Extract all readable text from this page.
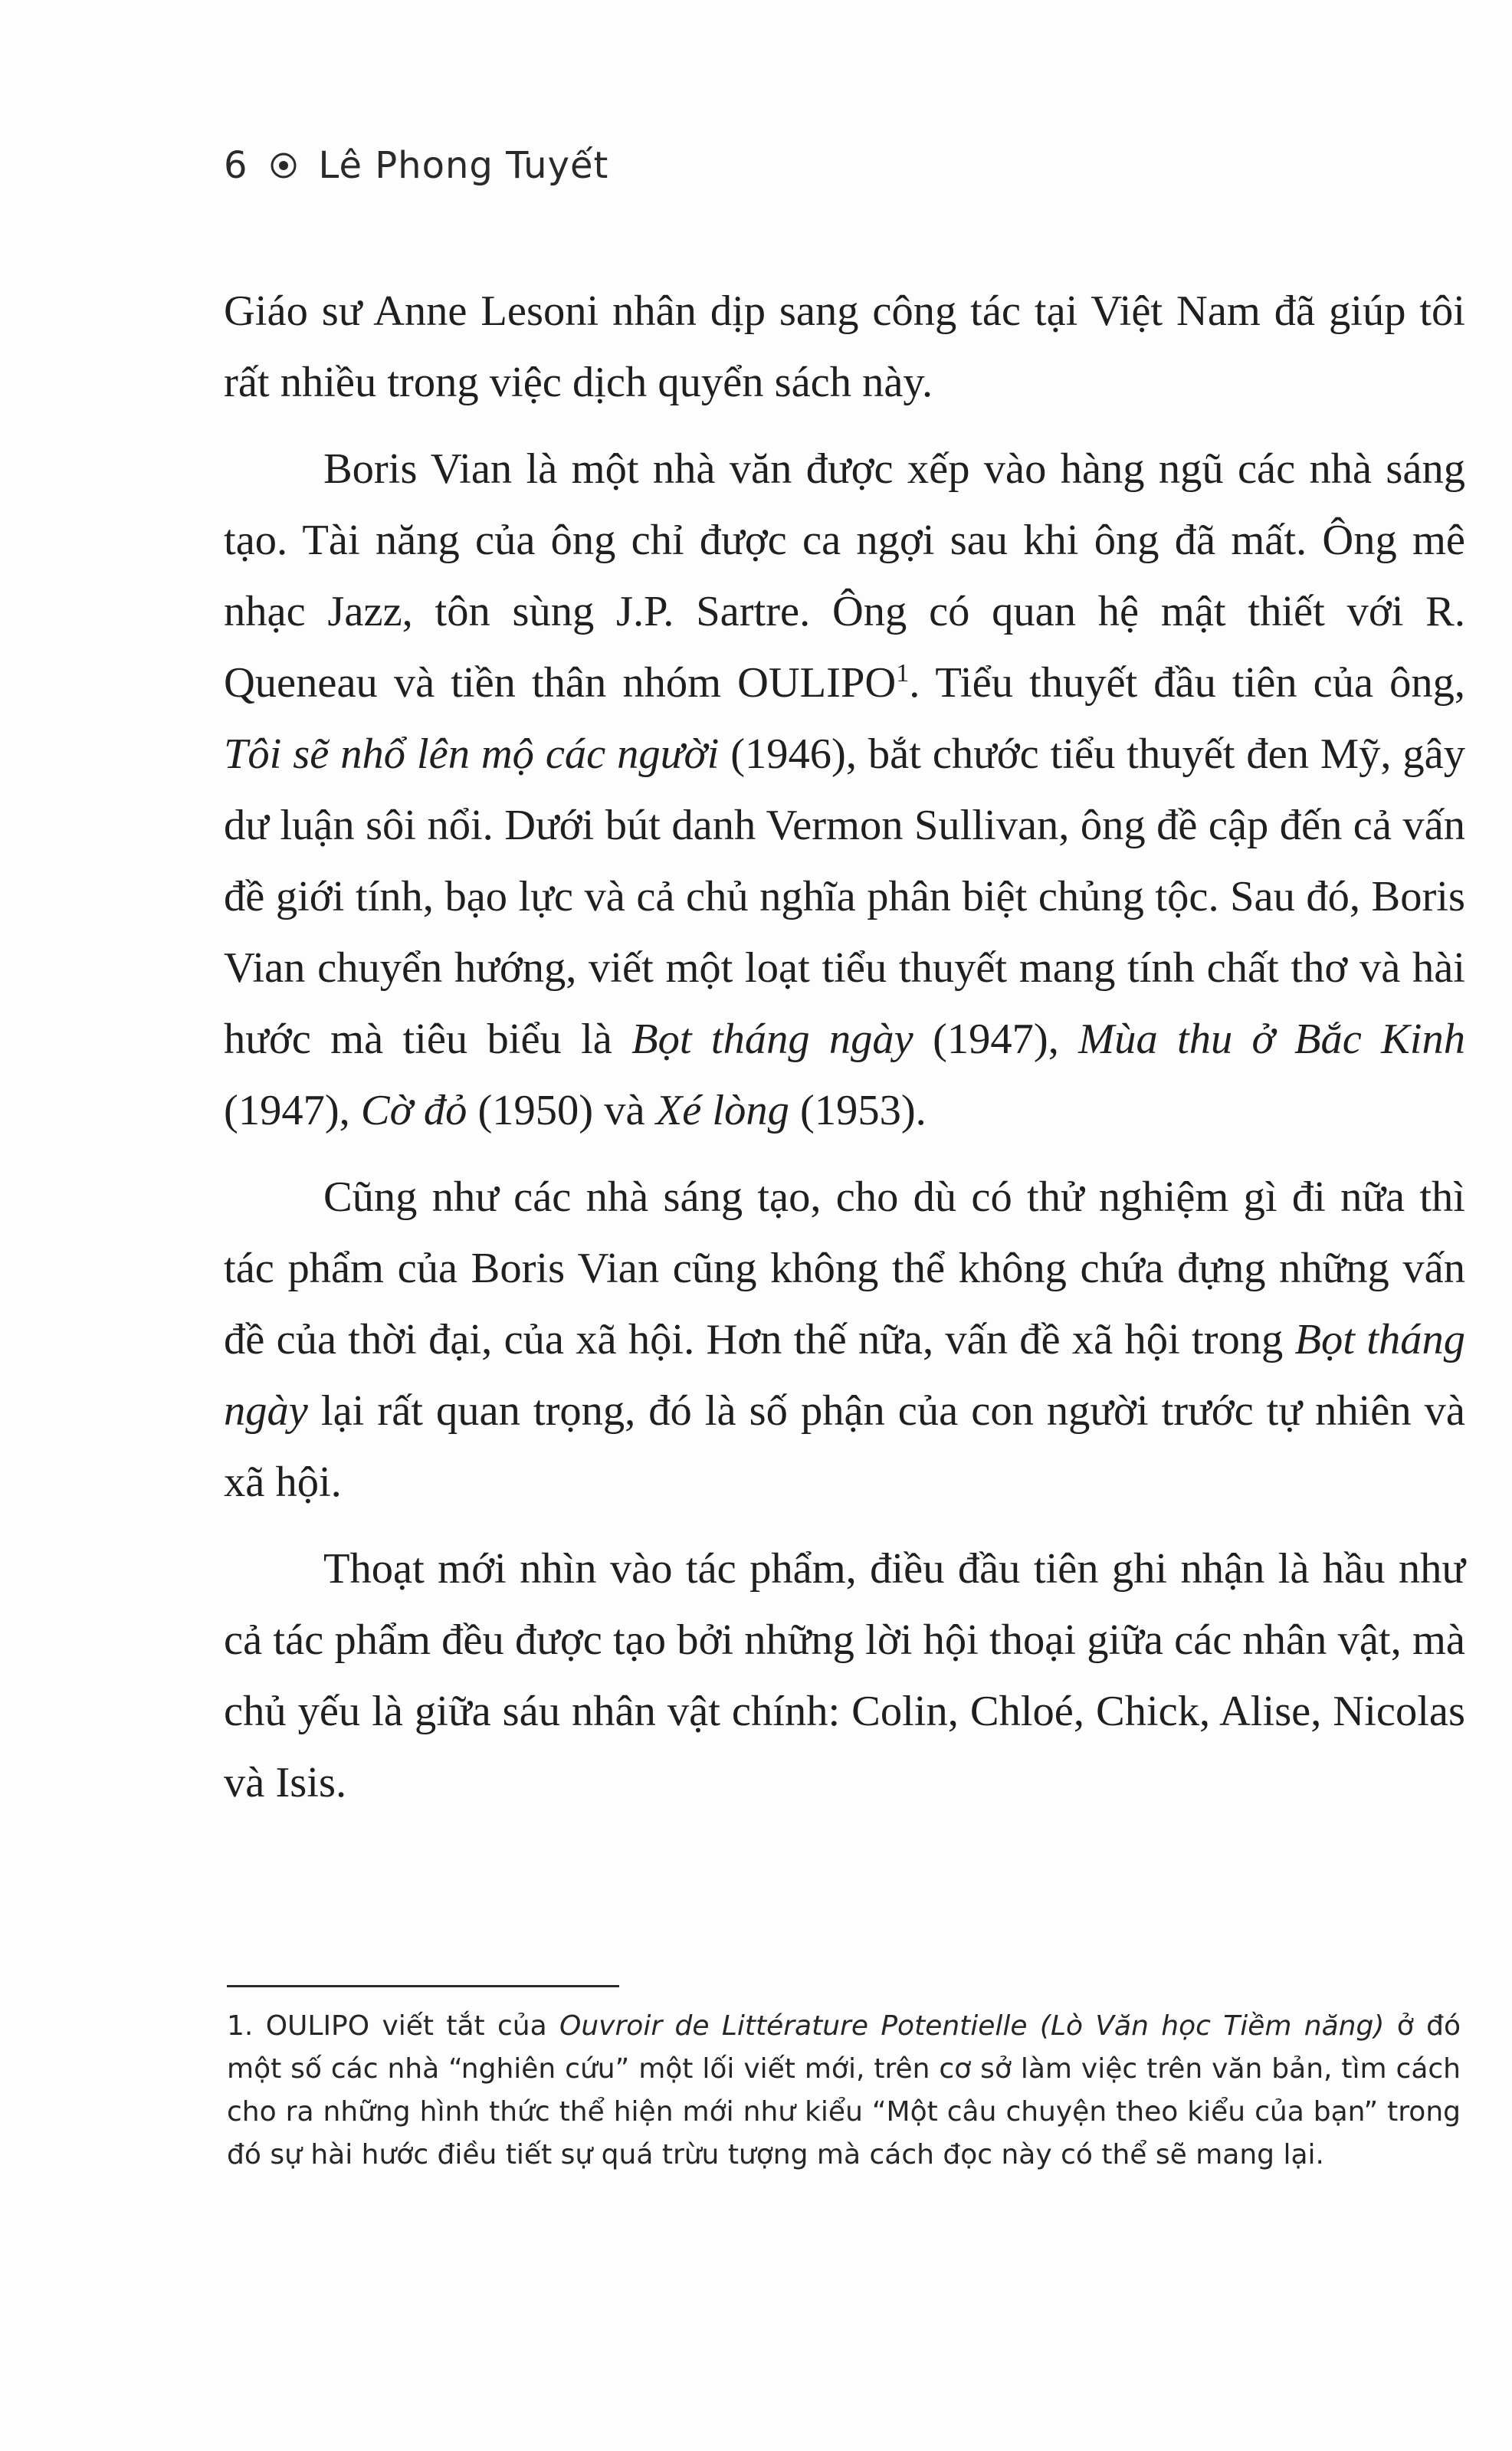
6 Lê Phong Tuyết

Giáo sư Anne Lesoni nhân dịp sang công tác tại Việt Nam đã giúp tôi rất nhiều trong việc dịch quyển sách này.

Boris Vian là một nhà văn được xếp vào hàng ngũ các nhà sáng tạo. Tài năng của ông chỉ được ca ngợi sau khi ông đã mất. Ông mê nhạc Jazz, tôn sùng J.P. Sartre. Ông có quan hệ mật thiết với R. Queneau và tiền thân nhóm OULIPO$^1$. Tiểu thuyết đầu tiên của ông, Tôi sẽ nhổ lên mộ các người (1946), bắt chước tiểu thuyết đen Mỹ, gây dư luận sôi nổi. Dưới bút danh Vermon Sullivan, ông đề cập đến cả vấn đề giới tính, bạo lực và cả chủ nghĩa phân biệt chủng tộc. Sau đó, Boris Vian chuyển hướng, viết một loạt tiểu thuyết mang tính chất thơ và hài hước mà tiêu biểu là Bọt tháng ngày (1947), Mùa thu ở Bắc Kinh (1947), Cờ đỏ (1950) và Xé lòng (1953).

Cũng như các nhà sáng tạo, cho dù có thử nghiệm gì đi nữa thì tác phẩm của Boris Vian cũng không thể không chứa đựng những vấn đề của thời đại, của xã hội. Hơn thế nữa, vấn đề xã hội trong Bọt tháng ngày lại rất quan trọng, đó là số phận của con người trước tự nhiên và xã hội.

Thoạt mới nhìn vào tác phẩm, điều đầu tiên ghi nhận là hầu như cả tác phẩm đều được tạo bởi những lời hội thoại giữa các nhân vật, mà chủ yếu là giữa sáu nhân vật chính: Colin, Chloé, Chick, Alise, Nicolas và Isis.

1. OULIPO viết tắt của Ouvroir de Littérature Potentielle (Lò Văn học Tiềm năng) ở đó một số các nhà “nghiên cứu” một lối viết mới, trên cơ sở làm việc trên văn bản, tìm cách cho ra những hình thức thể hiện mới như kiểu “Một câu chuyện theo kiểu của bạn” trong đó sự hài hước điều tiết sự quá trừu tượng mà cách đọc này có thể sẽ mang lại.
